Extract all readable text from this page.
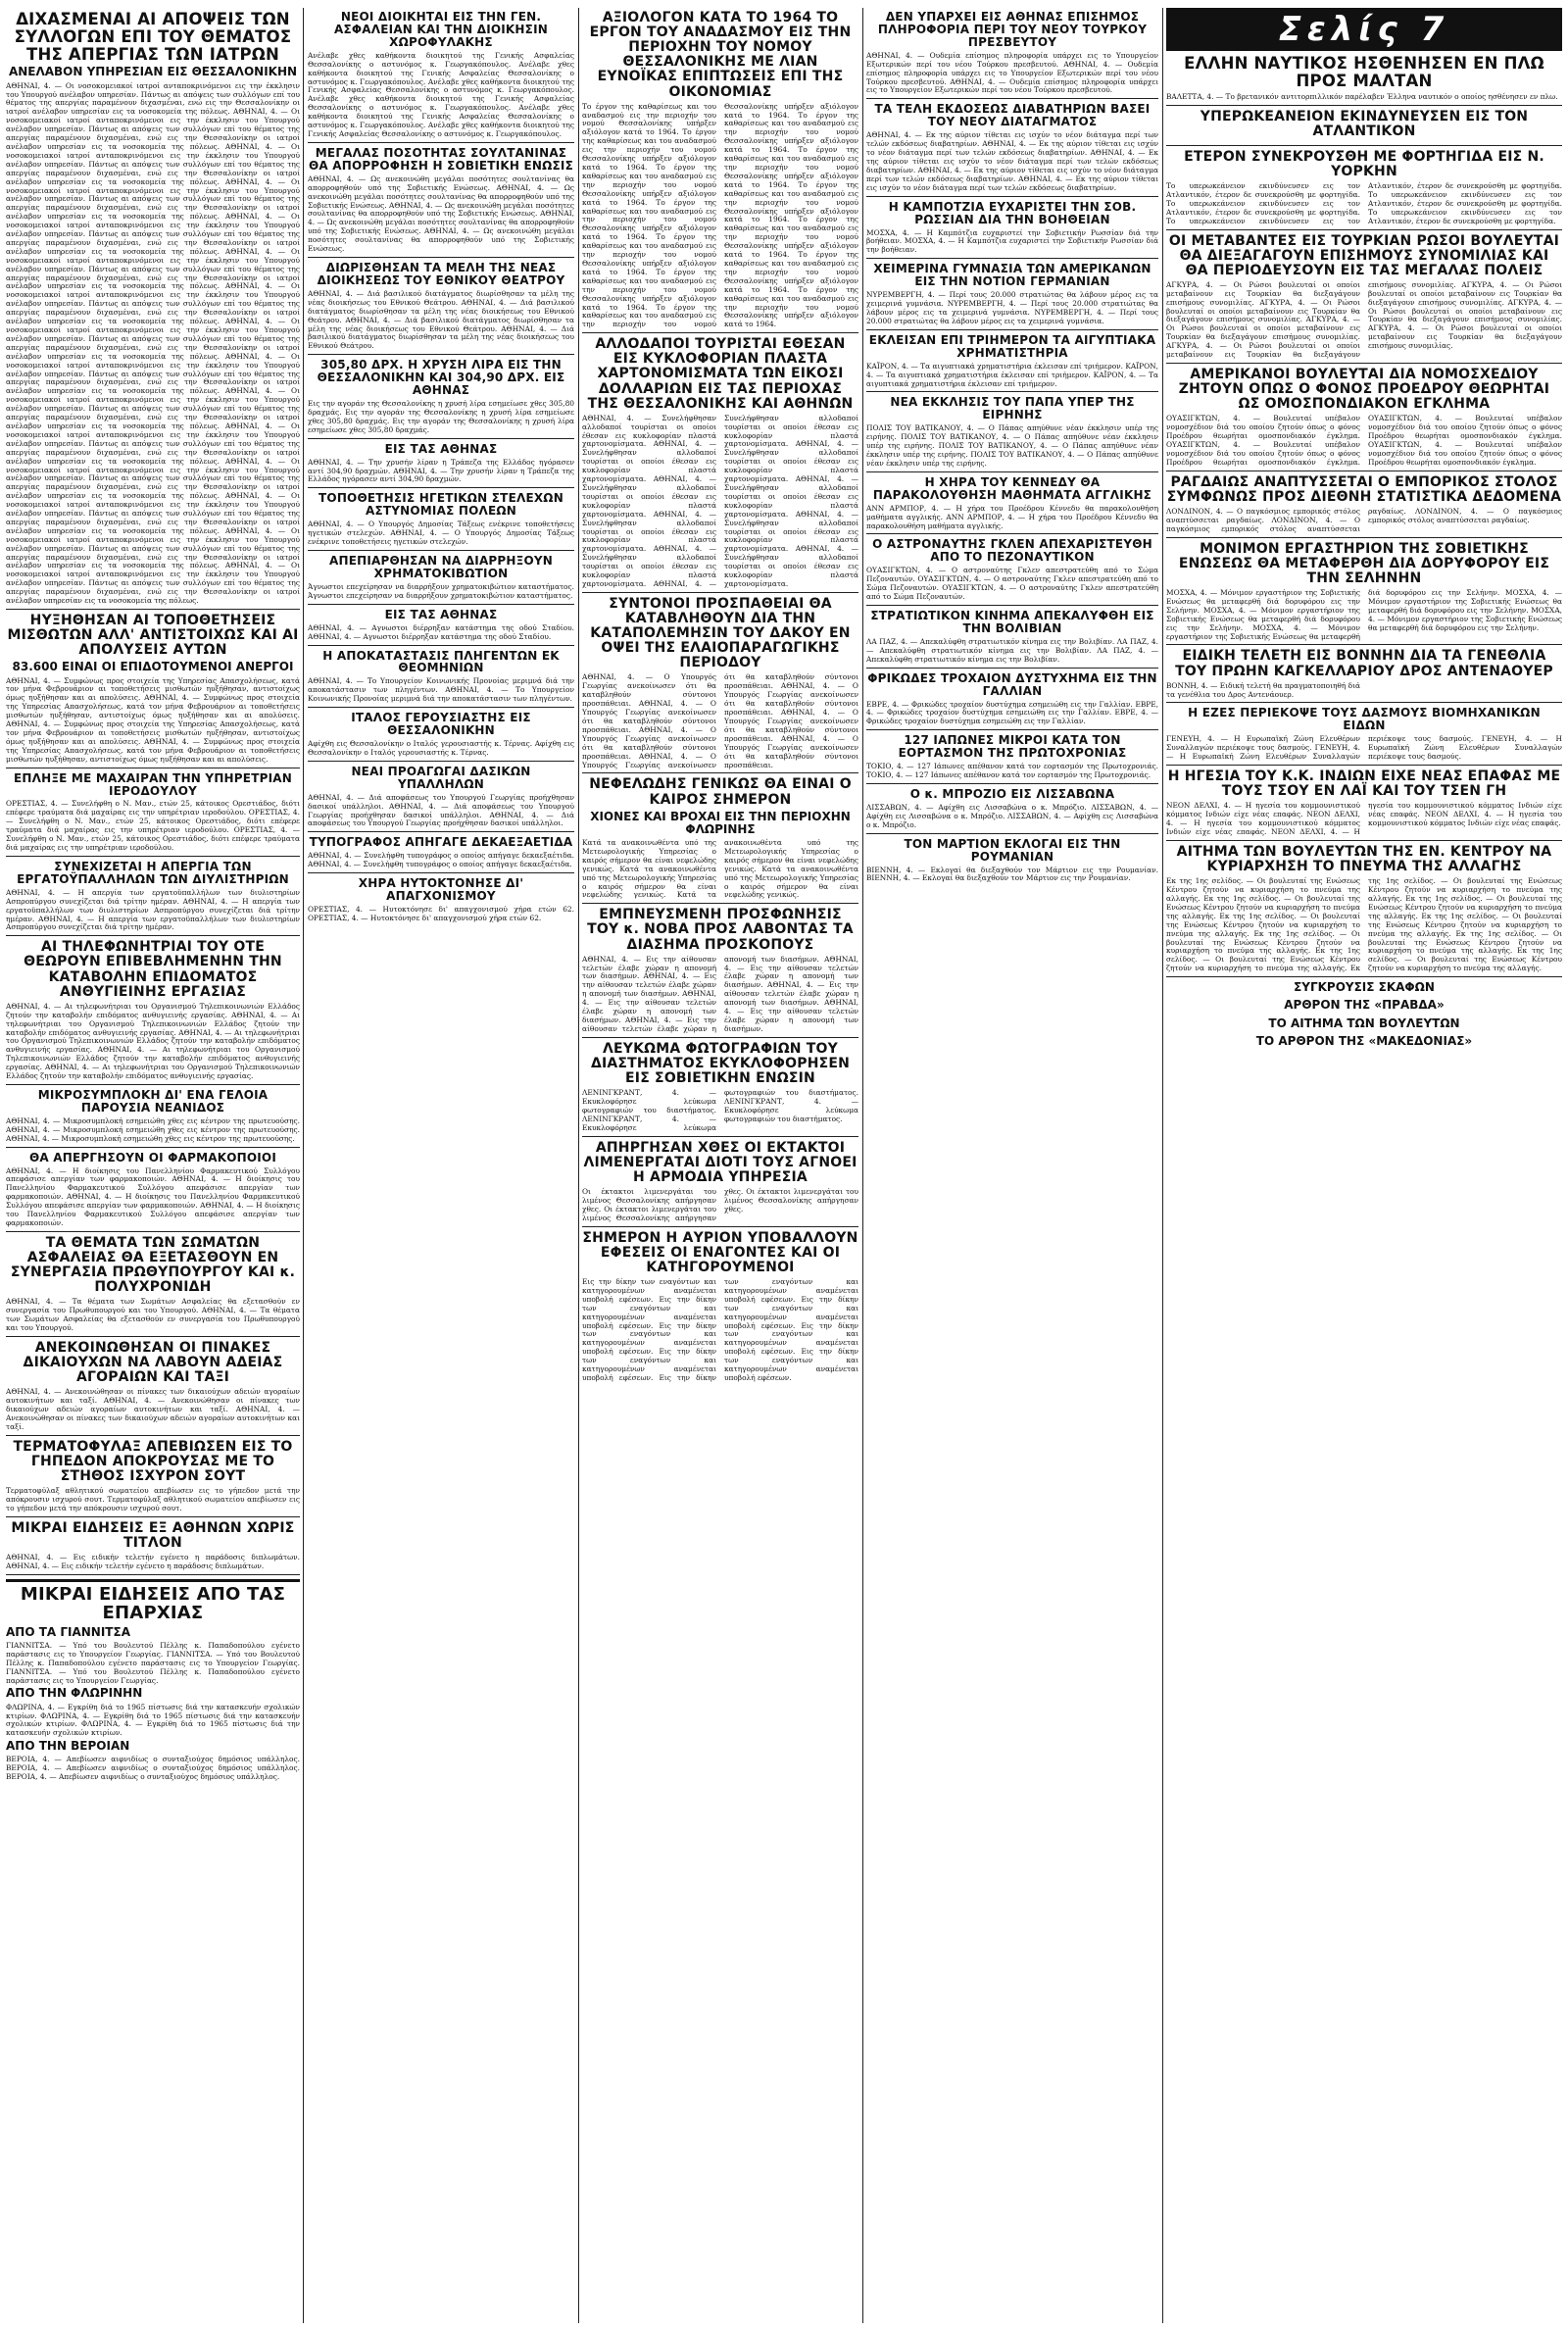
ΔΙΧΑΣΜΕΝΑΙ ΑΙ ΑΠΟΨΕΙΣ ΤΩΝ ΣΥΛΛΟΓΩΝ ΕΠΙ ΤΟΥ ΘΕΜΑΤΟΣ ΤΗΣ ΑΠΕΡΓΙΑΣ ΤΩΝ ΙΑΤΡΩΝ
ΑΝΕΛΑΒΟΝ ΥΠΗΡΕΣΙΑΝ ΕΙΣ ΘΕΣΣΑΛΟΝΙΚΗΝ

ΑΘΗΝΑΙ, 4. — Οι νοσοκομειακοί ιατροί ανταποκρινόμενοι εις την έκκλησιν του Υπουργού ανέλαβον υπηρεσίαν. Πάντως αι απόψεις των συλλόγων επί του θέματος της απεργίας παραμένουν διχασμέναι, ενώ εις την Θεσσαλονίκην οι ιατροί ανέλαβον υπηρεσίαν εις τα νοσοκομεία της πόλεως. ΑΘΗΝΑΙ, 4. — Οι νοσοκομειακοί ιατροί ανταποκρινόμενοι εις την έκκλησιν του Υπουργού ανέλαβον υπηρεσίαν. Πάντως αι απόψεις των συλλόγων επί του θέματος της απεργίας παραμένουν διχασμέναι, ενώ εις την Θεσσαλονίκην οι ιατροί ανέλαβον υπηρεσίαν εις τα νοσοκομεία της πόλεως. ΑΘΗΝΑΙ, 4. — Οι νοσοκομειακοί ιατροί ανταποκρινόμενοι εις την έκκλησιν του Υπουργού ανέλαβον υπηρεσίαν. Πάντως αι απόψεις των συλλόγων επί του θέματος της απεργίας παραμένουν διχασμέναι, ενώ εις την Θεσσαλονίκην οι ιατροί ανέλαβον υπηρεσίαν εις τα νοσοκομεία της πόλεως. ΑΘΗΝΑΙ, 4. — Οι νοσοκομειακοί ιατροί ανταποκρινόμενοι εις την έκκλησιν του Υπουργού ανέλαβον υπηρεσίαν. Πάντως αι απόψεις των συλλόγων επί του θέματος της απεργίας παραμένουν διχασμέναι, ενώ εις την Θεσσαλονίκην οι ιατροί ανέλαβον υπηρεσίαν εις τα νοσοκομεία της πόλεως. ΑΘΗΝΑΙ, 4. — Οι νοσοκομειακοί ιατροί ανταποκρινόμενοι εις την έκκλησιν του Υπουργού ανέλαβον υπηρεσίαν. Πάντως αι απόψεις των συλλόγων επί του θέματος της απεργίας παραμένουν διχασμέναι, ενώ εις την Θεσσαλονίκην οι ιατροί ανέλαβον υπηρεσίαν εις τα νοσοκομεία της πόλεως. ΑΘΗΝΑΙ, 4. — Οι νοσοκομειακοί ιατροί ανταποκρινόμενοι εις την έκκλησιν του Υπουργού ανέλαβον υπηρεσίαν. Πάντως αι απόψεις των συλλόγων επί του θέματος της απεργίας παραμένουν διχασμέναι, ενώ εις την Θεσσαλονίκην οι ιατροί ανέλαβον υπηρεσίαν εις τα νοσοκομεία της πόλεως. ΑΘΗΝΑΙ, 4. — Οι νοσοκομειακοί ιατροί ανταποκρινόμενοι εις την έκκλησιν του Υπουργού ανέλαβον υπηρεσίαν. Πάντως αι απόψεις των συλλόγων επί του θέματος της απεργίας παραμένουν διχασμέναι, ενώ εις την Θεσσαλονίκην οι ιατροί ανέλαβον υπηρεσίαν εις τα νοσοκομεία της πόλεως. ΑΘΗΝΑΙ, 4. — Οι νοσοκομειακοί ιατροί ανταποκρινόμενοι εις την έκκλησιν του Υπουργού ανέλαβον υπηρεσίαν. Πάντως αι απόψεις των συλλόγων επί του θέματος της απεργίας παραμένουν διχασμέναι, ενώ εις την Θεσσαλονίκην οι ιατροί ανέλαβον υπηρεσίαν εις τα νοσοκομεία της πόλεως. ΑΘΗΝΑΙ, 4. — Οι νοσοκομειακοί ιατροί ανταποκρινόμενοι εις την έκκλησιν του Υπουργού ανέλαβον υπηρεσίαν. Πάντως αι απόψεις των συλλόγων επί του θέματος της απεργίας παραμένουν διχασμέναι, ενώ εις την Θεσσαλονίκην οι ιατροί ανέλαβον υπηρεσίαν εις τα νοσοκομεία της πόλεως. ΑΘΗΝΑΙ, 4. — Οι νοσοκομειακοί ιατροί ανταποκρινόμενοι εις την έκκλησιν του Υπουργού ανέλαβον υπηρεσίαν. Πάντως αι απόψεις των συλλόγων επί του θέματος της απεργίας παραμένουν διχασμέναι, ενώ εις την Θεσσαλονίκην οι ιατροί ανέλαβον υπηρεσίαν εις τα νοσοκομεία της πόλεως. ΑΘΗΝΑΙ, 4. — Οι νοσοκομειακοί ιατροί ανταποκρινόμενοι εις την έκκλησιν του Υπουργού ανέλαβον υπηρεσίαν. Πάντως αι απόψεις των συλλόγων επί του θέματος της απεργίας παραμένουν διχασμέναι, ενώ εις την Θεσσαλονίκην οι ιατροί ανέλαβον υπηρεσίαν εις τα νοσοκομεία της πόλεως. ΑΘΗΝΑΙ, 4. — Οι νοσοκομειακοί ιατροί ανταποκρινόμενοι εις την έκκλησιν του Υπουργού ανέλαβον υπηρεσίαν. Πάντως αι απόψεις των συλλόγων επί του θέματος της απεργίας παραμένουν διχασμέναι, ενώ εις την Θεσσαλονίκην οι ιατροί ανέλαβον υπηρεσίαν εις τα νοσοκομεία της πόλεως. ΑΘΗΝΑΙ, 4. — Οι νοσοκομειακοί ιατροί ανταποκρινόμενοι εις την έκκλησιν του Υπουργού ανέλαβον υπηρεσίαν. Πάντως αι απόψεις των συλλόγων επί του θέματος της απεργίας παραμένουν διχασμέναι, ενώ εις την Θεσσαλονίκην οι ιατροί ανέλαβον υπηρεσίαν εις τα νοσοκομεία της πόλεως. ΑΘΗΝΑΙ, 4. — Οι νοσοκομειακοί ιατροί ανταποκρινόμενοι εις την έκκλησιν του Υπουργού ανέλαβον υπηρεσίαν. Πάντως αι απόψεις των συλλόγων επί του θέματος της απεργίας παραμένουν διχασμέναι, ενώ εις την Θεσσαλονίκην οι ιατροί ανέλαβον υπηρεσίαν εις τα νοσοκομεία της πόλεως. ΑΘΗΝΑΙ, 4. — Οι νοσοκομειακοί ιατροί ανταποκρινόμενοι εις την έκκλησιν του Υπουργού ανέλαβον υπηρεσίαν. Πάντως αι απόψεις των συλλόγων επί του θέματος της απεργίας παραμένουν διχασμέναι, ενώ εις την Θεσσαλονίκην οι ιατροί ανέλαβον υπηρεσίαν εις τα νοσοκομεία της πόλεως.

ΗΥΞΗΘΗΣΑΝ ΑΙ ΤΟΠΟΘΕΤΗΣΕΙΣ ΜΙΣΘΩΤΩΝ ΑΛΛ' ΑΝΤΙΣΤΟΙΧΩΣ ΚΑΙ ΑΙ ΑΠΟΛΥΣΕΙΣ ΑΥΤΩΝ
83.600 ΕΙΝΑΙ ΟΙ ΕΠΙΔΟΤΟΥΜΕΝΟΙ ΑΝΕΡΓΟΙ

ΑΘΗΝΑΙ, 4. — Συμφώνως προς στοιχεία της Υπηρεσίας Απασχολήσεως, κατά τον μήνα Φεβρουάριον αι τοποθετήσεις μισθωτών ηυξήθησαν, αντιστοίχως όμως ηυξήθησαν και αι απολύσεις. ΑΘΗΝΑΙ, 4. — Συμφώνως προς στοιχεία της Υπηρεσίας Απασχολήσεως, κατά τον μήνα Φεβρουάριον αι τοποθετήσεις μισθωτών ηυξήθησαν, αντιστοίχως όμως ηυξήθησαν και αι απολύσεις. ΑΘΗΝΑΙ, 4. — Συμφώνως προς στοιχεία της Υπηρεσίας Απασχολήσεως, κατά τον μήνα Φεβρουάριον αι τοποθετήσεις μισθωτών ηυξήθησαν, αντιστοίχως όμως ηυξήθησαν και αι απολύσεις. ΑΘΗΝΑΙ, 4. — Συμφώνως προς στοιχεία της Υπηρεσίας Απασχολήσεως, κατά τον μήνα Φεβρουάριον αι τοποθετήσεις μισθωτών ηυξήθησαν, αντιστοίχως όμως ηυξήθησαν και αι απολύσεις.

ΕΠΛΗΞΕ ΜΕ ΜΑΧΑΙΡΑΝ ΤΗΝ ΥΠΗΡΕΤΡΙΑΝ ΙΕΡΟΔΟΥΛΟΥ

ΟΡΕΣΤΙΑΣ, 4. — Συνελήφθη ο Ν. Μαν., ετών 25, κάτοικος Ορεστιάδος, διότι επέφερε τραύματα διά μαχαίρας εις την υπηρέτριαν ιεροδούλου. ΟΡΕΣΤΙΑΣ, 4. — Συνελήφθη ο Ν. Μαν., ετών 25, κάτοικος Ορεστιάδος, διότι επέφερε τραύματα διά μαχαίρας εις την υπηρέτριαν ιεροδούλου. ΟΡΕΣΤΙΑΣ, 4. — Συνελήφθη ο Ν. Μαν., ετών 25, κάτοικος Ορεστιάδος, διότι επέφερε τραύματα διά μαχαίρας εις την υπηρέτριαν ιεροδούλου.

ΣΥΝΕΧΙΖΕΤΑΙ Η ΑΠΕΡΓΙΑ ΤΩΝ ΕΡΓΑΤΟΫΠΑΛΛΗΛΩΝ ΤΩΝ ΔΙΥΛΙΣΤΗΡΙΩΝ

ΑΘΗΝΑΙ, 4. — Η απεργία των εργατοϋπαλλήλων των διυλιστηρίων Ασπροπύργου συνεχίζεται διά τρίτην ημέραν. ΑΘΗΝΑΙ, 4. — Η απεργία των εργατοϋπαλλήλων των διυλιστηρίων Ασπροπύργου συνεχίζεται διά τρίτην ημέραν. ΑΘΗΝΑΙ, 4. — Η απεργία των εργατοϋπαλλήλων των διυλιστηρίων Ασπροπύργου συνεχίζεται διά τρίτην ημέραν.

ΑΙ ΤΗΛΕΦΩΝΗΤΡΙΑΙ ΤΟΥ ΟΤΕ ΘΕΩΡΟΥΝ ΕΠΙΒΕΒΛΗΜΕΝΗΝ ΤΗΝ ΚΑΤΑΒΟΛΗΝ ΕΠΙΔΟΜΑΤΟΣ ΑΝΘΥΓΙΕΙΝΗΣ ΕΡΓΑΣΙΑΣ

ΑΘΗΝΑΙ, 4. — Αι τηλεφωνήτριαι του Οργανισμού Τηλεπικοινωνιών Ελλάδος ζητούν την καταβολήν επιδόματος ανθυγιεινής εργασίας. ΑΘΗΝΑΙ, 4. — Αι τηλεφωνήτριαι του Οργανισμού Τηλεπικοινωνιών Ελλάδος ζητούν την καταβολήν επιδόματος ανθυγιεινής εργασίας. ΑΘΗΝΑΙ, 4. — Αι τηλεφωνήτριαι του Οργανισμού Τηλεπικοινωνιών Ελλάδος ζητούν την καταβολήν επιδόματος ανθυγιεινής εργασίας. ΑΘΗΝΑΙ, 4. — Αι τηλεφωνήτριαι του Οργανισμού Τηλεπικοινωνιών Ελλάδος ζητούν την καταβολήν επιδόματος ανθυγιεινής εργασίας. ΑΘΗΝΑΙ, 4. — Αι τηλεφωνήτριαι του Οργανισμού Τηλεπικοινωνιών Ελλάδος ζητούν την καταβολήν επιδόματος ανθυγιεινής εργασίας.

ΜΙΚΡΟΣΥΜΠΛΟΚΗ ΔΙ' ΕΝΑ ΓΕΛΟΙΑ ΠΑΡΟΥΣΙΑ ΝΕΑΝΙΔΟΣ

ΑΘΗΝΑΙ, 4. — Μικροσυμπλοκή εσημειώθη χθες εις κέντρον της πρωτευούσης. ΑΘΗΝΑΙ, 4. — Μικροσυμπλοκή εσημειώθη χθες εις κέντρον της πρωτευούσης. ΑΘΗΝΑΙ, 4. — Μικροσυμπλοκή εσημειώθη χθες εις κέντρον της πρωτευούσης.

ΘΑ ΑΠΕΡΓΗΣΟΥΝ ΟΙ ΦΑΡΜΑΚΟΠΟΙΟΙ

ΑΘΗΝΑΙ, 4. — Η διοίκησις του Πανελληνίου Φαρμακευτικού Συλλόγου απεφάσισε απεργίαν των φαρμακοποιών. ΑΘΗΝΑΙ, 4. — Η διοίκησις του Πανελληνίου Φαρμακευτικού Συλλόγου απεφάσισε απεργίαν των φαρμακοποιών. ΑΘΗΝΑΙ, 4. — Η διοίκησις του Πανελληνίου Φαρμακευτικού Συλλόγου απεφάσισε απεργίαν των φαρμακοποιών. ΑΘΗΝΑΙ, 4. — Η διοίκησις του Πανελληνίου Φαρμακευτικού Συλλόγου απεφάσισε απεργίαν των φαρμακοποιών.

ΤΑ ΘΕΜΑΤΑ ΤΩΝ ΣΩΜΑΤΩΝ ΑΣΦΑΛΕΙΑΣ ΘΑ ΕΞΕΤΑΣΘΟΥΝ ΕΝ ΣΥΝΕΡΓΑΣΙΑ ΠΡΩΘΥΠΟΥΡΓΟΥ ΚΑΙ κ. ΠΟΛΥΧΡΟΝΙΔΗ

ΑΘΗΝΑΙ, 4. — Τα θέματα των Σωμάτων Ασφαλείας θα εξετασθούν εν συνεργασία του Πρωθυπουργού και του Υπουργού. ΑΘΗΝΑΙ, 4. — Τα θέματα των Σωμάτων Ασφαλείας θα εξετασθούν εν συνεργασία του Πρωθυπουργού και του Υπουργού.

ΑΝΕΚΟΙΝΩΘΗΣΑΝ ΟΙ ΠΙΝΑΚΕΣ ΔΙΚΑΙΟΥΧΩΝ ΝΑ ΛΑΒΟΥΝ ΑΔΕΙΑΣ ΑΓΟΡΑΙΩΝ ΚΑΙ ΤΑΞΙ

ΑΘΗΝΑΙ, 4. — Ανεκοινώθησαν οι πίνακες των δικαιούχων αδειών αγοραίων αυτοκινήτων και ταξί. ΑΘΗΝΑΙ, 4. — Ανεκοινώθησαν οι πίνακες των δικαιούχων αδειών αγοραίων αυτοκινήτων και ταξί. ΑΘΗΝΑΙ, 4. — Ανεκοινώθησαν οι πίνακες των δικαιούχων αδειών αγοραίων αυτοκινήτων και ταξί.

ΤΕΡΜΑΤΟΦΥΛΑΞ ΑΠΕΒΙΩΣΕΝ ΕΙΣ ΤΟ ΓΗΠΕΔΟΝ ΑΠΟΚΡΟΥΣΑΣ ΜΕ ΤΟ ΣΤΗΘΟΣ ΙΣΧΥΡΟΝ ΣΟΥΤ

Τερματοφύλαξ αθλητικού σωματείου απεβίωσεν εις το γήπεδον μετά την απόκρουσιν ισχυρού σουτ. Τερματοφύλαξ αθλητικού σωματείου απεβίωσεν εις το γήπεδον μετά την απόκρουσιν ισχυρού σουτ.

ΜΙΚΡΑΙ ΕΙΔΗΣΕΙΣ ΕΞ ΑΘΗΝΩΝ ΧΩΡΙΣ ΤΙΤΛΟΝ

ΑΘΗΝΑΙ, 4. — Εις ειδικήν τελετήν εγένετο η παράδοσις διπλωμάτων. ΑΘΗΝΑΙ, 4. — Εις ειδικήν τελετήν εγένετο η παράδοσις διπλωμάτων.

ΜΙΚΡΑΙ ΕΙΔΗΣΕΙΣ ΑΠΟ ΤΑΣ ΕΠΑΡΧΙΑΣ
ΑΠΟ ΤΑ ΓΙΑΝΝΙΤΣΑ

ΓΙΑΝΝΙΤΣΑ. — Υπό του Βουλευτού Πέλλης κ. Παπαδοπούλου εγένετο παράστασις εις το Υπουργείον Γεωργίας. ΓΙΑΝΝΙΤΣΑ. — Υπό του Βουλευτού Πέλλης κ. Παπαδοπούλου εγένετο παράστασις εις το Υπουργείον Γεωργίας. ΓΙΑΝΝΙΤΣΑ. — Υπό του Βουλευτού Πέλλης κ. Παπαδοπούλου εγένετο παράστασις εις το Υπουργείον Γεωργίας.

ΑΠΟ ΤΗΝ ΦΛΩΡΙΝΗΝ

ΦΛΩΡΙΝΑ, 4. — Εγκρίθη διά το 1965 πίστωσις διά την κατασκευήν σχολικών κτιρίων. ΦΛΩΡΙΝΑ, 4. — Εγκρίθη διά το 1965 πίστωσις διά την κατασκευήν σχολικών κτιρίων. ΦΛΩΡΙΝΑ, 4. — Εγκρίθη διά το 1965 πίστωσις διά την κατασκευήν σχολικών κτιρίων.

ΑΠΟ ΤΗΝ ΒΕΡΟΙΑΝ

ΒΕΡΟΙΑ, 4. — Απεβίωσεν αιφνιδίως ο συνταξιούχος δημόσιος υπάλληλος. ΒΕΡΟΙΑ, 4. — Απεβίωσεν αιφνιδίως ο συνταξιούχος δημόσιος υπάλληλος. ΒΕΡΟΙΑ, 4. — Απεβίωσεν αιφνιδίως ο συνταξιούχος δημόσιος υπάλληλος.

ΝΕΟΙ ΔΙΟΙΚΗΤΑΙ ΕΙΣ ΤΗΝ ΓΕΝ. ΑΣΦΑΛΕΙΑΝ ΚΑΙ ΤΗΝ ΔΙΟΙΚΗΣΙΝ ΧΩΡΟΦΥΛΑΚΗΣ

Ανέλαβε χθες καθήκοντα διοικητού της Γενικής Ασφαλείας Θεσσαλονίκης ο αστυνόμος κ. Γεωργακόπουλος. Ανέλαβε χθες καθήκοντα διοικητού της Γενικής Ασφαλείας Θεσσαλονίκης ο αστυνόμος κ. Γεωργακόπουλος. Ανέλαβε χθες καθήκοντα διοικητού της Γενικής Ασφαλείας Θεσσαλονίκης ο αστυνόμος κ. Γεωργακόπουλος. Ανέλαβε χθες καθήκοντα διοικητού της Γενικής Ασφαλείας Θεσσαλονίκης ο αστυνόμος κ. Γεωργακόπουλος. Ανέλαβε χθες καθήκοντα διοικητού της Γενικής Ασφαλείας Θεσσαλονίκης ο αστυνόμος κ. Γεωργακόπουλος. Ανέλαβε χθες καθήκοντα διοικητού της Γενικής Ασφαλείας Θεσσαλονίκης ο αστυνόμος κ. Γεωργακόπουλος.

ΜΕΓΑΛΑΣ ΠΟΣΟΤΗΤΑΣ ΣΟΥΛΤΑΝΙΝΑΣ ΘΑ ΑΠΟΡΡΟΦΗΣΗ Η ΣΟΒΙΕΤΙΚΗ ΕΝΩΣΙΣ

ΑΘΗΝΑΙ, 4. — Ως ανεκοινώθη μεγάλαι ποσότητες σουλτανίνας θα απορροφηθούν υπό της Σοβιετικής Ενώσεως. ΑΘΗΝΑΙ, 4. — Ως ανεκοινώθη μεγάλαι ποσότητες σουλτανίνας θα απορροφηθούν υπό της Σοβιετικής Ενώσεως. ΑΘΗΝΑΙ, 4. — Ως ανεκοινώθη μεγάλαι ποσότητες σουλτανίνας θα απορροφηθούν υπό της Σοβιετικής Ενώσεως. ΑΘΗΝΑΙ, 4. — Ως ανεκοινώθη μεγάλαι ποσότητες σουλτανίνας θα απορροφηθούν υπό της Σοβιετικής Ενώσεως. ΑΘΗΝΑΙ, 4. — Ως ανεκοινώθη μεγάλαι ποσότητες σουλτανίνας θα απορροφηθούν υπό της Σοβιετικής Ενώσεως.

ΔΙΩΡΙΣΘΗΣΑΝ ΤΑ ΜΕΛΗ ΤΗΣ ΝΕΑΣ ΔΙΟΙΚΗΣΕΩΣ ΤΟΥ ΕΘΝΙΚΟΥ ΘΕΑΤΡΟΥ

ΑΘΗΝΑΙ, 4. — Διά βασιλικού διατάγματος διωρίσθησαν τα μέλη της νέας διοικήσεως του Εθνικού Θεάτρου. ΑΘΗΝΑΙ, 4. — Διά βασιλικού διατάγματος διωρίσθησαν τα μέλη της νέας διοικήσεως του Εθνικού Θεάτρου. ΑΘΗΝΑΙ, 4. — Διά βασιλικού διατάγματος διωρίσθησαν τα μέλη της νέας διοικήσεως του Εθνικού Θεάτρου. ΑΘΗΝΑΙ, 4. — Διά βασιλικού διατάγματος διωρίσθησαν τα μέλη της νέας διοικήσεως του Εθνικού Θεάτρου.

305,80 ΔΡΧ. Η ΧΡΥΣΗ ΛΙΡΑ ΕΙΣ ΤΗΝ ΘΕΣΣΑΛΟΝΙΚΗΝ ΚΑΙ 304,90 ΔΡΧ. ΕΙΣ ΑΘΗΝΑΣ

Εις την αγοράν της Θεσσαλονίκης η χρυσή λίρα εσημείωσε χθες 305,80 δραχμάς. Εις την αγοράν της Θεσσαλονίκης η χρυσή λίρα εσημείωσε χθες 305,80 δραχμάς. Εις την αγοράν της Θεσσαλονίκης η χρυσή λίρα εσημείωσε χθες 305,80 δραχμάς.

ΕΙΣ ΤΑΣ ΑΘΗΝΑΣ

ΑΘΗΝΑΙ, 4. — Την χρυσήν λίραν η Τράπεζα της Ελλάδος ηγόρασεν αντί 304,90 δραχμών. ΑΘΗΝΑΙ, 4. — Την χρυσήν λίραν η Τράπεζα της Ελλάδος ηγόρασεν αντί 304,90 δραχμών.

ΤΟΠΟΘΕΤΗΣΙΣ ΗΓΕΤΙΚΩΝ ΣΤΕΛΕΧΩΝ ΑΣΤΥΝΟΜΙΑΣ ΠΟΛΕΩΝ

ΑΘΗΝΑΙ, 4. — Ο Υπουργός Δημοσίας Τάξεως ενέκρινε τοποθετήσεις ηγετικών στελεχών. ΑΘΗΝΑΙ, 4. — Ο Υπουργός Δημοσίας Τάξεως ενέκρινε τοποθετήσεις ηγετικών στελεχών.

ΑΠΕΠΙΑΡΘΗΣΑΝ ΝΑ ΔΙΑΡΡΗΞΟΥΝ ΧΡΗΜΑΤΟΚΙΒΩΤΙΟΝ

Άγνωστοι επεχείρησαν να διαρρήξουν χρηματοκιβώτιον καταστήματος. Άγνωστοι επεχείρησαν να διαρρήξουν χρηματοκιβώτιον καταστήματος.

ΕΙΣ ΤΑΣ ΑΘΗΝΑΣ

ΑΘΗΝΑΙ, 4. — Αγνωστοι διέρρηξαν κατάστημα της οδού Σταδίου. ΑΘΗΝΑΙ, 4. — Αγνωστοι διέρρηξαν κατάστημα της οδού Σταδίου.

Η ΑΠΟΚΑΤΑΣΤΑΣΙΣ ΠΛΗΓΕΝΤΩΝ ΕΚ ΘΕΟΜΗΝΙΩΝ

ΑΘΗΝΑΙ, 4. — Το Υπουργείον Κοινωνικής Προνοίας μεριμνά διά την αποκατάστασιν των πληγέντων. ΑΘΗΝΑΙ, 4. — Το Υπουργείον Κοινωνικής Προνοίας μεριμνά διά την αποκατάστασιν των πληγέντων.

ΙΤΑΛΟΣ ΓΕΡΟΥΣΙΑΣΤΗΣ ΕΙΣ ΘΕΣΣΑΛΟΝΙΚΗΝ

Αφίχθη εις Θεσσαλονίκην ο Ιταλός γερουσιαστής κ. Τέρνας. Αφίχθη εις Θεσσαλονίκην ο Ιταλός γερουσιαστής κ. Τέρνας.

ΝΕΑΙ ΠΡΟΑΓΩΓΑΙ ΔΑΣΙΚΩΝ ΥΠΑΛΛΗΛΩΝ

ΑΘΗΝΑΙ, 4. — Διά αποφάσεως του Υπουργού Γεωργίας προήχθησαν δασικοί υπάλληλοι. ΑΘΗΝΑΙ, 4. — Διά αποφάσεως του Υπουργού Γεωργίας προήχθησαν δασικοί υπάλληλοι. ΑΘΗΝΑΙ, 4. — Διά αποφάσεως του Υπουργού Γεωργίας προήχθησαν δασικοί υπάλληλοι.

ΤΥΠΟΓΡΑΦΟΣ ΑΠΗΓΑΓΕ ΔΕΚΑΕΞΑΕΤΙΔΑ

ΑΘΗΝΑΙ, 4. — Συνελήφθη τυπογράφος ο οποίος απήγαγε δεκαεξαέτιδα. ΑΘΗΝΑΙ, 4. — Συνελήφθη τυπογράφος ο οποίος απήγαγε δεκαεξαέτιδα.

ΧΗΡΑ ΗΥΤΟΚΤΟΝΗΣΕ ΔΙ' ΑΠΑΓΧΟΝΙΣΜΟΥ

ΟΡΕΣΤΙΑΣ, 4. — Ηυτοκτόνησε δι' απαγχονισμού χήρα ετών 62. ΟΡΕΣΤΙΑΣ, 4. — Ηυτοκτόνησε δι' απαγχονισμού χήρα ετών 62.

ΑΞΙΟΛΟΓΟΝ ΚΑΤΑ ΤΟ 1964 ΤΟ ΕΡΓΟΝ ΤΟΥ ΑΝΑΔΑΣΜΟΥ ΕΙΣ ΤΗΝ ΠΕΡΙΟΧΗΝ ΤΟΥ ΝΟΜΟΥ ΘΕΣΣΑΛΟΝΙΚΗΣ ΜΕ ΛΙΑΝ ΕΥΝΟΪΚΑΣ ΕΠΙΠΤΩΣΕΙΣ ΕΠΙ ΤΗΣ ΟΙΚΟΝΟΜΙΑΣ

Το έργον της καθαρίσεως και του αναδασμού εις την περιοχήν του νομού Θεσσαλονίκης υπήρξεν αξιόλογον κατά το 1964. Το έργον της καθαρίσεως και του αναδασμού εις την περιοχήν του νομού Θεσσαλονίκης υπήρξεν αξιόλογον κατά το 1964. Το έργον της καθαρίσεως και του αναδασμού εις την περιοχήν του νομού Θεσσαλονίκης υπήρξεν αξιόλογον κατά το 1964. Το έργον της καθαρίσεως και του αναδασμού εις την περιοχήν του νομού Θεσσαλονίκης υπήρξεν αξιόλογον κατά το 1964. Το έργον της καθαρίσεως και του αναδασμού εις την περιοχήν του νομού Θεσσαλονίκης υπήρξεν αξιόλογον κατά το 1964. Το έργον της καθαρίσεως και του αναδασμού εις την περιοχήν του νομού Θεσσαλονίκης υπήρξεν αξιόλογον κατά το 1964. Το έργον της καθαρίσεως και του αναδασμού εις την περιοχήν του νομού Θεσσαλονίκης υπήρξεν αξιόλογον κατά το 1964. Το έργον της καθαρίσεως και του αναδασμού εις την περιοχήν του νομού Θεσσαλονίκης υπήρξεν αξιόλογον κατά το 1964. Το έργον της καθαρίσεως και του αναδασμού εις την περιοχήν του νομού Θεσσαλονίκης υπήρξεν αξιόλογον κατά το 1964. Το έργον της καθαρίσεως και του αναδασμού εις την περιοχήν του νομού Θεσσαλονίκης υπήρξεν αξιόλογον κατά το 1964. Το έργον της καθαρίσεως και του αναδασμού εις την περιοχήν του νομού Θεσσαλονίκης υπήρξεν αξιόλογον κατά το 1964. Το έργον της καθαρίσεως και του αναδασμού εις την περιοχήν του νομού Θεσσαλονίκης υπήρξεν αξιόλογον κατά το 1964. Το έργον της καθαρίσεως και του αναδασμού εις την περιοχήν του νομού Θεσσαλονίκης υπήρξεν αξιόλογον κατά το 1964.

ΑΛΛΟΔΑΠΟΙ ΤΟΥΡΙΣΤΑΙ ΕΘΕΣΑΝ ΕΙΣ ΚΥΚΛΟΦΟΡΙΑΝ ΠΛΑΣΤΑ ΧΑΡΤΟΝΟΜΙΣΜΑΤΑ ΤΩΝ ΕΙΚΟΣΙ ΔΟΛΛΑΡΙΩΝ ΕΙΣ ΤΑΣ ΠΕΡΙΟΧΑΣ ΤΗΣ ΘΕΣΣΑΛΟΝΙΚΗΣ ΚΑΙ ΑΘΗΝΩΝ

ΑΘΗΝΑΙ, 4. — Συνελήφθησαν αλλοδαποί τουρίσται οι οποίοι έθεσαν εις κυκλοφορίαν πλαστά χαρτονομίσματα. ΑΘΗΝΑΙ, 4. — Συνελήφθησαν αλλοδαποί τουρίσται οι οποίοι έθεσαν εις κυκλοφορίαν πλαστά χαρτονομίσματα. ΑΘΗΝΑΙ, 4. — Συνελήφθησαν αλλοδαποί τουρίσται οι οποίοι έθεσαν εις κυκλοφορίαν πλαστά χαρτονομίσματα. ΑΘΗΝΑΙ, 4. — Συνελήφθησαν αλλοδαποί τουρίσται οι οποίοι έθεσαν εις κυκλοφορίαν πλαστά χαρτονομίσματα. ΑΘΗΝΑΙ, 4. — Συνελήφθησαν αλλοδαποί τουρίσται οι οποίοι έθεσαν εις κυκλοφορίαν πλαστά χαρτονομίσματα. ΑΘΗΝΑΙ, 4. — Συνελήφθησαν αλλοδαποί τουρίσται οι οποίοι έθεσαν εις κυκλοφορίαν πλαστά χαρτονομίσματα. ΑΘΗΝΑΙ, 4. — Συνελήφθησαν αλλοδαποί τουρίσται οι οποίοι έθεσαν εις κυκλοφορίαν πλαστά χαρτονομίσματα. ΑΘΗΝΑΙ, 4. — Συνελήφθησαν αλλοδαποί τουρίσται οι οποίοι έθεσαν εις κυκλοφορίαν πλαστά χαρτονομίσματα. ΑΘΗΝΑΙ, 4. — Συνελήφθησαν αλλοδαποί τουρίσται οι οποίοι έθεσαν εις κυκλοφορίαν πλαστά χαρτονομίσματα. ΑΘΗΝΑΙ, 4. — Συνελήφθησαν αλλοδαποί τουρίσται οι οποίοι έθεσαν εις κυκλοφορίαν πλαστά χαρτονομίσματα.

ΣΥΝΤΟΝΟΙ ΠΡΟΣΠΑΘΕΙΑΙ ΘΑ ΚΑΤΑΒΛΗΘΟΥΝ ΔΙΑ ΤΗΝ ΚΑΤΑΠΟΛΕΜΗΣΙΝ ΤΟΥ ΔΑΚΟΥ ΕΝ ΟΨΕΙ ΤΗΣ ΕΛΑΙΟΠΑΡΑΓΩΓΙΚΗΣ ΠΕΡΙΟΔΟΥ

ΑΘΗΝΑΙ, 4. — Ο Υπουργός Γεωργίας ανεκοίνωσεν ότι θα καταβληθούν σύντονοι προσπάθειαι. ΑΘΗΝΑΙ, 4. — Ο Υπουργός Γεωργίας ανεκοίνωσεν ότι θα καταβληθούν σύντονοι προσπάθειαι. ΑΘΗΝΑΙ, 4. — Ο Υπουργός Γεωργίας ανεκοίνωσεν ότι θα καταβληθούν σύντονοι προσπάθειαι. ΑΘΗΝΑΙ, 4. — Ο Υπουργός Γεωργίας ανεκοίνωσεν ότι θα καταβληθούν σύντονοι προσπάθειαι. ΑΘΗΝΑΙ, 4. — Ο Υπουργός Γεωργίας ανεκοίνωσεν ότι θα καταβληθούν σύντονοι προσπάθειαι. ΑΘΗΝΑΙ, 4. — Ο Υπουργός Γεωργίας ανεκοίνωσεν ότι θα καταβληθούν σύντονοι προσπάθειαι. ΑΘΗΝΑΙ, 4. — Ο Υπουργός Γεωργίας ανεκοίνωσεν ότι θα καταβληθούν σύντονοι προσπάθειαι.

ΝΕΦΕΛΩΔΗΣ ΓΕΝΙΚΩΣ ΘΑ ΕΙΝΑΙ Ο ΚΑΙΡΟΣ ΣΗΜΕΡΟΝ
ΧΙΟΝΕΣ ΚΑΙ ΒΡΟΧΑΙ ΕΙΣ ΤΗΝ ΠΕΡΙΟΧΗΝ ΦΛΩΡΙΝΗΣ

Κατά τα ανακοινωθέντα υπό της Μετεωρολογικής Υπηρεσίας ο καιρός σήμερον θα είναι νεφελώδης γενικώς. Κατά τα ανακοινωθέντα υπό της Μετεωρολογικής Υπηρεσίας ο καιρός σήμερον θα είναι νεφελώδης γενικώς. Κατά τα ανακοινωθέντα υπό της Μετεωρολογικής Υπηρεσίας ο καιρός σήμερον θα είναι νεφελώδης γενικώς. Κατά τα ανακοινωθέντα υπό της Μετεωρολογικής Υπηρεσίας ο καιρός σήμερον θα είναι νεφελώδης γενικώς.

ΕΜΠΝΕΥΣΜΕΝΗ ΠΡΟΣΦΩΝΗΣΙΣ ΤΟΥ κ. ΝΟΒΑ ΠΡΟΣ ΛΑΒΟΝΤΑΣ ΤΑ ΔΙΑΣΗΜΑ ΠΡΟΣΚΟΠΟΥΣ

ΑΘΗΝΑΙ, 4. — Εις την αίθουσαν τελετών έλαβε χώραν η απονομή των διασήμων. ΑΘΗΝΑΙ, 4. — Εις την αίθουσαν τελετών έλαβε χώραν η απονομή των διασήμων. ΑΘΗΝΑΙ, 4. — Εις την αίθουσαν τελετών έλαβε χώραν η απονομή των διασήμων. ΑΘΗΝΑΙ, 4. — Εις την αίθουσαν τελετών έλαβε χώραν η απονομή των διασήμων. ΑΘΗΝΑΙ, 4. — Εις την αίθουσαν τελετών έλαβε χώραν η απονομή των διασήμων. ΑΘΗΝΑΙ, 4. — Εις την αίθουσαν τελετών έλαβε χώραν η απονομή των διασήμων. ΑΘΗΝΑΙ, 4. — Εις την αίθουσαν τελετών έλαβε χώραν η απονομή των διασήμων.

ΛΕΥΚΩΜΑ ΦΩΤΟΓΡΑΦΙΩΝ ΤΟΥ ΔΙΑΣΤΗΜΑΤΟΣ ΕΚΥΚΛΟΦΟΡΗΣΕΝ ΕΙΣ ΣΟΒΙΕΤΙΚΗΝ ΕΝΩΣΙΝ

ΛΕΝΙΝΓΚΡΑΝΤ, 4. — Εκυκλοφόρησε λεύκωμα φωτογραφιών του διαστήματος. ΛΕΝΙΝΓΚΡΑΝΤ, 4. — Εκυκλοφόρησε λεύκωμα φωτογραφιών του διαστήματος. ΛΕΝΙΝΓΚΡΑΝΤ, 4. — Εκυκλοφόρησε λεύκωμα φωτογραφιών του διαστήματος.

ΑΠΗΡΓΗΣΑΝ ΧΘΕΣ ΟΙ ΕΚΤΑΚΤΟΙ ΛΙΜΕΝΕΡΓΑΤΑΙ ΔΙΟΤΙ ΤΟΥΣ ΑΓΝΟΕΙ Η ΑΡΜΟΔΙΑ ΥΠΗΡΕΣΙΑ

Οι έκτακτοι λιμενεργάται του λιμένος Θεσσαλονίκης απήργησαν χθες. Οι έκτακτοι λιμενεργάται του λιμένος Θεσσαλονίκης απήργησαν χθες. Οι έκτακτοι λιμενεργάται του λιμένος Θεσσαλονίκης απήργησαν χθες.

ΣΗΜΕΡΟΝ Η ΑΥΡΙΟΝ ΥΠΟΒΑΛΛΟΥΝ ΕΦΕΣΕΙΣ ΟΙ ΕΝΑΓΟΝΤΕΣ ΚΑΙ ΟΙ ΚΑΤΗΓΟΡΟΥΜΕΝΟΙ

Εις την δίκην των εναγόντων και κατηγορουμένων αναμένεται υποβολή εφέσεων. Εις την δίκην των εναγόντων και κατηγορουμένων αναμένεται υποβολή εφέσεων. Εις την δίκην των εναγόντων και κατηγορουμένων αναμένεται υποβολή εφέσεων. Εις την δίκην των εναγόντων και κατηγορουμένων αναμένεται υποβολή εφέσεων. Εις την δίκην των εναγόντων και κατηγορουμένων αναμένεται υποβολή εφέσεων. Εις την δίκην των εναγόντων και κατηγορουμένων αναμένεται υποβολή εφέσεων. Εις την δίκην των εναγόντων και κατηγορουμένων αναμένεται υποβολή εφέσεων. Εις την δίκην των εναγόντων και κατηγορουμένων αναμένεται υποβολή εφέσεων.

ΔΕΝ ΥΠΑΡΧΕΙ ΕΙΣ ΑΘΗΝΑΣ ΕΠΙΣΗΜΟΣ ΠΛΗΡΟΦΟΡΙΑ ΠΕΡΙ ΤΟΥ ΝΕΟΥ ΤΟΥΡΚΟΥ ΠΡΕΣΒΕΥΤΟΥ

ΑΘΗΝΑΙ, 4. — Ουδεμία επίσημος πληροφορία υπάρχει εις το Υπουργείον Εξωτερικών περί του νέου Τούρκου πρεσβευτού. ΑΘΗΝΑΙ, 4. — Ουδεμία επίσημος πληροφορία υπάρχει εις το Υπουργείον Εξωτερικών περί του νέου Τούρκου πρεσβευτού. ΑΘΗΝΑΙ, 4. — Ουδεμία επίσημος πληροφορία υπάρχει εις το Υπουργείον Εξωτερικών περί του νέου Τούρκου πρεσβευτού.

ΤΑ ΤΕΛΗ ΕΚΔΟΣΕΩΣ ΔΙΑΒΑΤΗΡΙΩΝ ΒΑΣΕΙ ΤΟΥ ΝΕΟΥ ΔΙΑΤΑΓΜΑΤΟΣ

ΑΘΗΝΑΙ, 4. — Εκ της αύριον τίθεται εις ισχύν το νέον διάταγμα περί των τελών εκδόσεως διαβατηρίων. ΑΘΗΝΑΙ, 4. — Εκ της αύριον τίθεται εις ισχύν το νέον διάταγμα περί των τελών εκδόσεως διαβατηρίων. ΑΘΗΝΑΙ, 4. — Εκ της αύριον τίθεται εις ισχύν το νέον διάταγμα περί των τελών εκδόσεως διαβατηρίων. ΑΘΗΝΑΙ, 4. — Εκ της αύριον τίθεται εις ισχύν το νέον διάταγμα περί των τελών εκδόσεως διαβατηρίων. ΑΘΗΝΑΙ, 4. — Εκ της αύριον τίθεται εις ισχύν το νέον διάταγμα περί των τελών εκδόσεως διαβατηρίων.

Η ΚΑΜΠΟΤΖΙΑ ΕΥΧΑΡΙΣΤΕΙ ΤΗΝ ΣΟΒ. ΡΩΣΣΙΑΝ ΔΙΑ ΤΗΝ ΒΟΗΘΕΙΑΝ

ΜΟΣΧΑ, 4. — Η Καμπότζια ευχαριστεί την Σοβιετικήν Ρωσσίαν διά την βοήθειαν. ΜΟΣΧΑ, 4. — Η Καμπότζια ευχαριστεί την Σοβιετικήν Ρωσσίαν διά την βοήθειαν.

ΧΕΙΜΕΡΙΝΑ ΓΥΜΝΑΣΙΑ ΤΩΝ ΑΜΕΡΙΚΑΝΩΝ ΕΙΣ ΤΗΝ ΝΟΤΙΟΝ ΓΕΡΜΑΝΙΑΝ

ΝΥΡΕΜΒΕΡΓΗ, 4. — Περί τους 20.000 στρατιώτας θα λάβουν μέρος εις τα χειμερινά γυμνάσια. ΝΥΡΕΜΒΕΡΓΗ, 4. — Περί τους 20.000 στρατιώτας θα λάβουν μέρος εις τα χειμερινά γυμνάσια. ΝΥΡΕΜΒΕΡΓΗ, 4. — Περί τους 20.000 στρατιώτας θα λάβουν μέρος εις τα χειμερινά γυμνάσια.

ΕΚΛΕΙΣΑΝ ΕΠΙ ΤΡΙΗΜΕΡΟΝ ΤΑ ΑΙΓΥΠΤΙΑΚΑ ΧΡΗΜΑΤΙΣΤΗΡΙΑ

ΚΑΪΡΟΝ, 4. — Τα αιγυπτιακά χρηματιστήρια έκλεισαν επί τριήμερον. ΚΑΪΡΟΝ, 4. — Τα αιγυπτιακά χρηματιστήρια έκλεισαν επί τριήμερον. ΚΑΪΡΟΝ, 4. — Τα αιγυπτιακά χρηματιστήρια έκλεισαν επί τριήμερον.

ΝΕΑ ΕΚΚΛΗΣΙΣ ΤΟΥ ΠΑΠΑ ΥΠΕΡ ΤΗΣ ΕΙΡΗΝΗΣ

ΠΟΛΙΣ ΤΟΥ ΒΑΤΙΚΑΝΟΥ, 4. — Ο Πάπας απηύθυνε νέαν έκκλησιν υπέρ της ειρήνης. ΠΟΛΙΣ ΤΟΥ ΒΑΤΙΚΑΝΟΥ, 4. — Ο Πάπας απηύθυνε νέαν έκκλησιν υπέρ της ειρήνης. ΠΟΛΙΣ ΤΟΥ ΒΑΤΙΚΑΝΟΥ, 4. — Ο Πάπας απηύθυνε νέαν έκκλησιν υπέρ της ειρήνης. ΠΟΛΙΣ ΤΟΥ ΒΑΤΙΚΑΝΟΥ, 4. — Ο Πάπας απηύθυνε νέαν έκκλησιν υπέρ της ειρήνης.

Η ΧΗΡΑ ΤΟΥ ΚΕΝΝΕΔΥ ΘΑ ΠΑΡΑΚΟΛΟΥΘΗΣΗ ΜΑΘΗΜΑΤΑ ΑΓΓΛΙΚΗΣ

ΑΝΝ ΑΡΜΠΟΡ, 4. — Η χήρα του Προέδρου Κέννεδυ θα παρακολουθήση μαθήματα αγγλικής. ΑΝΝ ΑΡΜΠΟΡ, 4. — Η χήρα του Προέδρου Κέννεδυ θα παρακολουθήση μαθήματα αγγλικής.

Ο ΑΣΤΡΟΝΑΥΤΗΣ ΓΚΛΕΝ ΑΠΕΧΑΡΙΣΤΕΥΘΗ ΑΠΟ ΤΟ ΠΕΖΟΝΑΥΤΙΚΟΝ

ΟΥΑΣΙΓΚΤΩΝ, 4. — Ο αστροναύτης Γκλεν απεστρατεύθη από το Σώμα Πεζοναυτών. ΟΥΑΣΙΓΚΤΩΝ, 4. — Ο αστροναύτης Γκλεν απεστρατεύθη από το Σώμα Πεζοναυτών. ΟΥΑΣΙΓΚΤΩΝ, 4. — Ο αστροναύτης Γκλεν απεστρατεύθη από το Σώμα Πεζοναυτών.

ΣΤΡΑΤΙΩΤΙΚΟΝ ΚΙΝΗΜΑ ΑΠΕΚΑΛΥΦΘΗ ΕΙΣ ΤΗΝ ΒΟΛΙΒΙΑΝ

ΛΑ ΠΑΖ, 4. — Απεκαλύφθη στρατιωτικόν κίνημα εις την Βολιβίαν. ΛΑ ΠΑΖ, 4. — Απεκαλύφθη στρατιωτικόν κίνημα εις την Βολιβίαν. ΛΑ ΠΑΖ, 4. — Απεκαλύφθη στρατιωτικόν κίνημα εις την Βολιβίαν.

ΦΡΙΚΩΔΕΣ ΤΡΟΧΑΙΟΝ ΔΥΣΤΥΧΗΜΑ ΕΙΣ ΤΗΝ ΓΑΛΛΙΑΝ

ΕΒΡΕ, 4. — Φρικώδες τροχαίον δυστύχημα εσημειώθη εις την Γαλλίαν. ΕΒΡΕ, 4. — Φρικώδες τροχαίον δυστύχημα εσημειώθη εις την Γαλλίαν. ΕΒΡΕ, 4. — Φρικώδες τροχαίον δυστύχημα εσημειώθη εις την Γαλλίαν.

127 ΙΑΠΩΝΕΣ ΜΙΚΡΟΙ ΚΑΤΑ ΤΟΝ ΕΟΡΤΑΣΜΟΝ ΤΗΣ ΠΡΩΤΟΧΡΟΝΙΑΣ

ΤΟΚΙΟ, 4. — 127 Ιάπωνες απέθανον κατά τον εορτασμόν της Πρωτοχρονιάς. ΤΟΚΙΟ, 4. — 127 Ιάπωνες απέθανον κατά τον εορτασμόν της Πρωτοχρονιάς.

Ο κ. ΜΠΡΟΖΙΟ ΕΙΣ ΛΙΣΣΑΒΩΝΑ

ΛΙΣΣΑΒΩΝ, 4. — Αφίχθη εις Λισσαβώνα ο κ. Μπρόζιο. ΛΙΣΣΑΒΩΝ, 4. — Αφίχθη εις Λισσαβώνα ο κ. Μπρόζιο. ΛΙΣΣΑΒΩΝ, 4. — Αφίχθη εις Λισσαβώνα ο κ. Μπρόζιο.

ΤΟΝ ΜΑΡΤΙΟΝ ΕΚΛΟΓΑΙ ΕΙΣ ΤΗΝ ΡΟΥΜΑΝΙΑΝ

ΒΙΕΝΝΗ, 4. — Εκλογαί θα διεξαχθούν τον Μάρτιον εις την Ρουμανίαν. ΒΙΕΝΝΗ, 4. — Εκλογαί θα διεξαχθούν τον Μάρτιον εις την Ρουμανίαν.

Σελίς 7
ΕΛΛΗΝ ΝΑΥΤΙΚΟΣ ΗΣΘΕΝΗΣΕΝ ΕΝ ΠΛΩ ΠΡΟΣ ΜΑΛΤΑΝ

ΒΑΛΕΤΤΑ, 4. — Το βρετανικόν αντιτορπιλλικόν παρέλαβεν Έλληνα ναυτικόν ο οποίος ησθένησεν εν πλω.

ΥΠΕΡΩΚΕΑΝΕΙΟΝ ΕΚΙΝΔΥΝΕΥΣΕΝ ΕΙΣ ΤΟΝ ΑΤΛΑΝΤΙΚΟΝ
ΕΤΕΡΟΝ ΣΥΝΕΚΡΟΥΣΘΗ ΜΕ ΦΟΡΤΗΓΙΔΑ ΕΙΣ Ν. ΥΟΡΚΗΝ

Το υπερωκεάνειον εκινδύνευσεν εις τον Ατλαντικόν, έτερον δε συνεκρούσθη με φορτηγίδα. Το υπερωκεάνειον εκινδύνευσεν εις τον Ατλαντικόν, έτερον δε συνεκρούσθη με φορτηγίδα. Το υπερωκεάνειον εκινδύνευσεν εις τον Ατλαντικόν, έτερον δε συνεκρούσθη με φορτηγίδα. Το υπερωκεάνειον εκινδύνευσεν εις τον Ατλαντικόν, έτερον δε συνεκρούσθη με φορτηγίδα. Το υπερωκεάνειον εκινδύνευσεν εις τον Ατλαντικόν, έτερον δε συνεκρούσθη με φορτηγίδα.

ΟΙ ΜΕΤΑΒΑΝΤΕΣ ΕΙΣ ΤΟΥΡΚΙΑΝ ΡΩΣΟΙ ΒΟΥΛΕΥΤΑΙ ΘΑ ΔΙΕΞΑΓΑΓΟΥΝ ΕΠΙΣΗΜΟΥΣ ΣΥΝΟΜΙΛΙΑΣ ΚΑΙ ΘΑ ΠΕΡΙΟΔΕΥΣΟΥΝ ΕΙΣ ΤΑΣ ΜΕΓΑΛΑΣ ΠΟΛΕΙΣ

ΑΓΚΥΡΑ, 4. — Οι Ρώσοι βουλευταί οι οποίοι μεταβαίνουν εις Τουρκίαν θα διεξαγάγουν επισήμους συνομιλίας. ΑΓΚΥΡΑ, 4. — Οι Ρώσοι βουλευταί οι οποίοι μεταβαίνουν εις Τουρκίαν θα διεξαγάγουν επισήμους συνομιλίας. ΑΓΚΥΡΑ, 4. — Οι Ρώσοι βουλευταί οι οποίοι μεταβαίνουν εις Τουρκίαν θα διεξαγάγουν επισήμους συνομιλίας. ΑΓΚΥΡΑ, 4. — Οι Ρώσοι βουλευταί οι οποίοι μεταβαίνουν εις Τουρκίαν θα διεξαγάγουν επισήμους συνομιλίας. ΑΓΚΥΡΑ, 4. — Οι Ρώσοι βουλευταί οι οποίοι μεταβαίνουν εις Τουρκίαν θα διεξαγάγουν επισήμους συνομιλίας. ΑΓΚΥΡΑ, 4. — Οι Ρώσοι βουλευταί οι οποίοι μεταβαίνουν εις Τουρκίαν θα διεξαγάγουν επισήμους συνομιλίας. ΑΓΚΥΡΑ, 4. — Οι Ρώσοι βουλευταί οι οποίοι μεταβαίνουν εις Τουρκίαν θα διεξαγάγουν επισήμους συνομιλίας.

ΑΜΕΡΙΚΑΝΟΙ ΒΟΥΛΕΥΤΑΙ ΔΙΑ ΝΟΜΟΣΧΕΔΙΟΥ ΖΗΤΟΥΝ ΟΠΩΣ Ο ΦΟΝΟΣ ΠΡΟΕΔΡΟΥ ΘΕΩΡΗΤΑΙ ΩΣ ΟΜΟΣΠΟΝΔΙΑΚΟΝ ΕΓΚΛΗΜΑ

ΟΥΑΣΙΓΚΤΩΝ, 4. — Βουλευταί υπέβαλον νομοσχέδιον διά του οποίου ζητούν όπως ο φόνος Προέδρου θεωρήται ομοσπονδιακόν έγκλημα. ΟΥΑΣΙΓΚΤΩΝ, 4. — Βουλευταί υπέβαλον νομοσχέδιον διά του οποίου ζητούν όπως ο φόνος Προέδρου θεωρήται ομοσπονδιακόν έγκλημα. ΟΥΑΣΙΓΚΤΩΝ, 4. — Βουλευταί υπέβαλον νομοσχέδιον διά του οποίου ζητούν όπως ο φόνος Προέδρου θεωρήται ομοσπονδιακόν έγκλημα. ΟΥΑΣΙΓΚΤΩΝ, 4. — Βουλευταί υπέβαλον νομοσχέδιον διά του οποίου ζητούν όπως ο φόνος Προέδρου θεωρήται ομοσπονδιακόν έγκλημα.

ΡΑΓΔΑΙΩΣ ΑΝΑΠΤΥΣΣΕΤΑΙ Ο ΕΜΠΟΡΙΚΟΣ ΣΤΟΛΟΣ ΣΥΜΦΩΝΩΣ ΠΡΟΣ ΔΙΕΘΝΗ ΣΤΑΤΙΣΤΙΚΑ ΔΕΔΟΜΕΝΑ

ΛΟΝΔΙΝΟΝ, 4. — Ο παγκόσμιος εμπορικός στόλος αναπτύσσεται ραγδαίως. ΛΟΝΔΙΝΟΝ, 4. — Ο παγκόσμιος εμπορικός στόλος αναπτύσσεται ραγδαίως. ΛΟΝΔΙΝΟΝ, 4. — Ο παγκόσμιος εμπορικός στόλος αναπτύσσεται ραγδαίως.

ΜΟΝΙΜΟΝ ΕΡΓΑΣΤΗΡΙΟΝ ΤΗΣ ΣΟΒΙΕΤΙΚΗΣ ΕΝΩΣΕΩΣ ΘΑ ΜΕΤΑΦΕΡΘΗ ΔΙΑ ΔΟΡΥΦΟΡΟΥ ΕΙΣ ΤΗΝ ΣΕΛΗΝΗΝ

ΜΟΣΧΑ, 4. — Μόνιμον εργαστήριον της Σοβιετικής Ενώσεως θα μεταφερθή διά δορυφόρου εις την Σελήνην. ΜΟΣΧΑ, 4. — Μόνιμον εργαστήριον της Σοβιετικής Ενώσεως θα μεταφερθή διά δορυφόρου εις την Σελήνην. ΜΟΣΧΑ, 4. — Μόνιμον εργαστήριον της Σοβιετικής Ενώσεως θα μεταφερθή διά δορυφόρου εις την Σελήνην. ΜΟΣΧΑ, 4. — Μόνιμον εργαστήριον της Σοβιετικής Ενώσεως θα μεταφερθή διά δορυφόρου εις την Σελήνην. ΜΟΣΧΑ, 4. — Μόνιμον εργαστήριον της Σοβιετικής Ενώσεως θα μεταφερθή διά δορυφόρου εις την Σελήνην.

ΕΙΔΙΚΗ ΤΕΛΕΤΗ ΕΙΣ ΒΟΝΝΗΝ ΔΙΑ ΤΑ ΓΕΝΕΘΛΙΑ ΤΟΥ ΠΡΩΗΝ ΚΑΓΚΕΛΛΑΡΙΟΥ ΔΡΟΣ ΑΝΤΕΝΑΟΥΕΡ

ΒΟΝΝΗ, 4. — Ειδική τελετή θα πραγματοποιηθή διά τα γενέθλια του Δρος Αντενάουερ.

Η ΕΖΕΣ ΠΕΡΙΕΚΟΨΕ ΤΟΥΣ ΔΑΣΜΟΥΣ ΒΙΟΜΗΧΑΝΙΚΩΝ ΕΙΔΩΝ

ΓΕΝΕΥΗ, 4. — Η Ευρωπαϊκή Ζώνη Ελευθέρων Συναλλαγών περιέκοψε τους δασμούς. ΓΕΝΕΥΗ, 4. — Η Ευρωπαϊκή Ζώνη Ελευθέρων Συναλλαγών περιέκοψε τους δασμούς. ΓΕΝΕΥΗ, 4. — Η Ευρωπαϊκή Ζώνη Ελευθέρων Συναλλαγών περιέκοψε τους δασμούς.

Η ΗΓΕΣΙΑ ΤΟΥ Κ.Κ. ΙΝΔΙΩΝ ΕΙΧΕ ΝΕΑΣ ΕΠΑΦΑΣ ΜΕ ΤΟΥΣ ΤΣΟΥ ΕΝ ΛΑΪ ΚΑΙ ΤΟΥ ΤΣΕΝ ΓΗ

ΝΕΟΝ ΔΕΛΧΙ, 4. — Η ηγεσία του κομμουνιστικού κόμματος Ινδιών είχε νέας επαφάς. ΝΕΟΝ ΔΕΛΧΙ, 4. — Η ηγεσία του κομμουνιστικού κόμματος Ινδιών είχε νέας επαφάς. ΝΕΟΝ ΔΕΛΧΙ, 4. — Η ηγεσία του κομμουνιστικού κόμματος Ινδιών είχε νέας επαφάς. ΝΕΟΝ ΔΕΛΧΙ, 4. — Η ηγεσία του κομμουνιστικού κόμματος Ινδιών είχε νέας επαφάς.

ΑΙΤΗΜΑ ΤΩΝ ΒΟΥΛΕΥΤΩΝ ΤΗΣ ΕΝ. ΚΕΝΤΡΟΥ ΝΑ ΚΥΡΙΑΡΧΗΣΗ ΤΟ ΠΝΕΥΜΑ ΤΗΣ ΑΛΛΑΓΗΣ

Εκ της 1ης σελίδος. — Οι βουλευταί της Ενώσεως Κέντρου ζητούν να κυριαρχήση το πνεύμα της αλλαγής. Εκ της 1ης σελίδος. — Οι βουλευταί της Ενώσεως Κέντρου ζητούν να κυριαρχήση το πνεύμα της αλλαγής. Εκ της 1ης σελίδος. — Οι βουλευταί της Ενώσεως Κέντρου ζητούν να κυριαρχήση το πνεύμα της αλλαγής. Εκ της 1ης σελίδος. — Οι βουλευταί της Ενώσεως Κέντρου ζητούν να κυριαρχήση το πνεύμα της αλλαγής. Εκ της 1ης σελίδος. — Οι βουλευταί της Ενώσεως Κέντρου ζητούν να κυριαρχήση το πνεύμα της αλλαγής. Εκ της 1ης σελίδος. — Οι βουλευταί της Ενώσεως Κέντρου ζητούν να κυριαρχήση το πνεύμα της αλλαγής. Εκ της 1ης σελίδος. — Οι βουλευταί της Ενώσεως Κέντρου ζητούν να κυριαρχήση το πνεύμα της αλλαγής. Εκ της 1ης σελίδος. — Οι βουλευταί της Ενώσεως Κέντρου ζητούν να κυριαρχήση το πνεύμα της αλλαγής. Εκ της 1ης σελίδος. — Οι βουλευταί της Ενώσεως Κέντρου ζητούν να κυριαρχήση το πνεύμα της αλλαγής. Εκ της 1ης σελίδος. — Οι βουλευταί της Ενώσεως Κέντρου ζητούν να κυριαρχήση το πνεύμα της αλλαγής.

ΣΥΓΚΡΟΥΣΙΣ ΣΚΑΦΩΝ

ΑΡΘΡΟΝ ΤΗΣ «ΠΡΑΒΔΑ»

ΤΟ ΑΙΤΗΜΑ ΤΩΝ ΒΟΥΛΕΥΤΩΝ

ΤΟ ΑΡΘΡΟΝ ΤΗΣ «ΜΑΚΕΔΟΝΙΑΣ»
